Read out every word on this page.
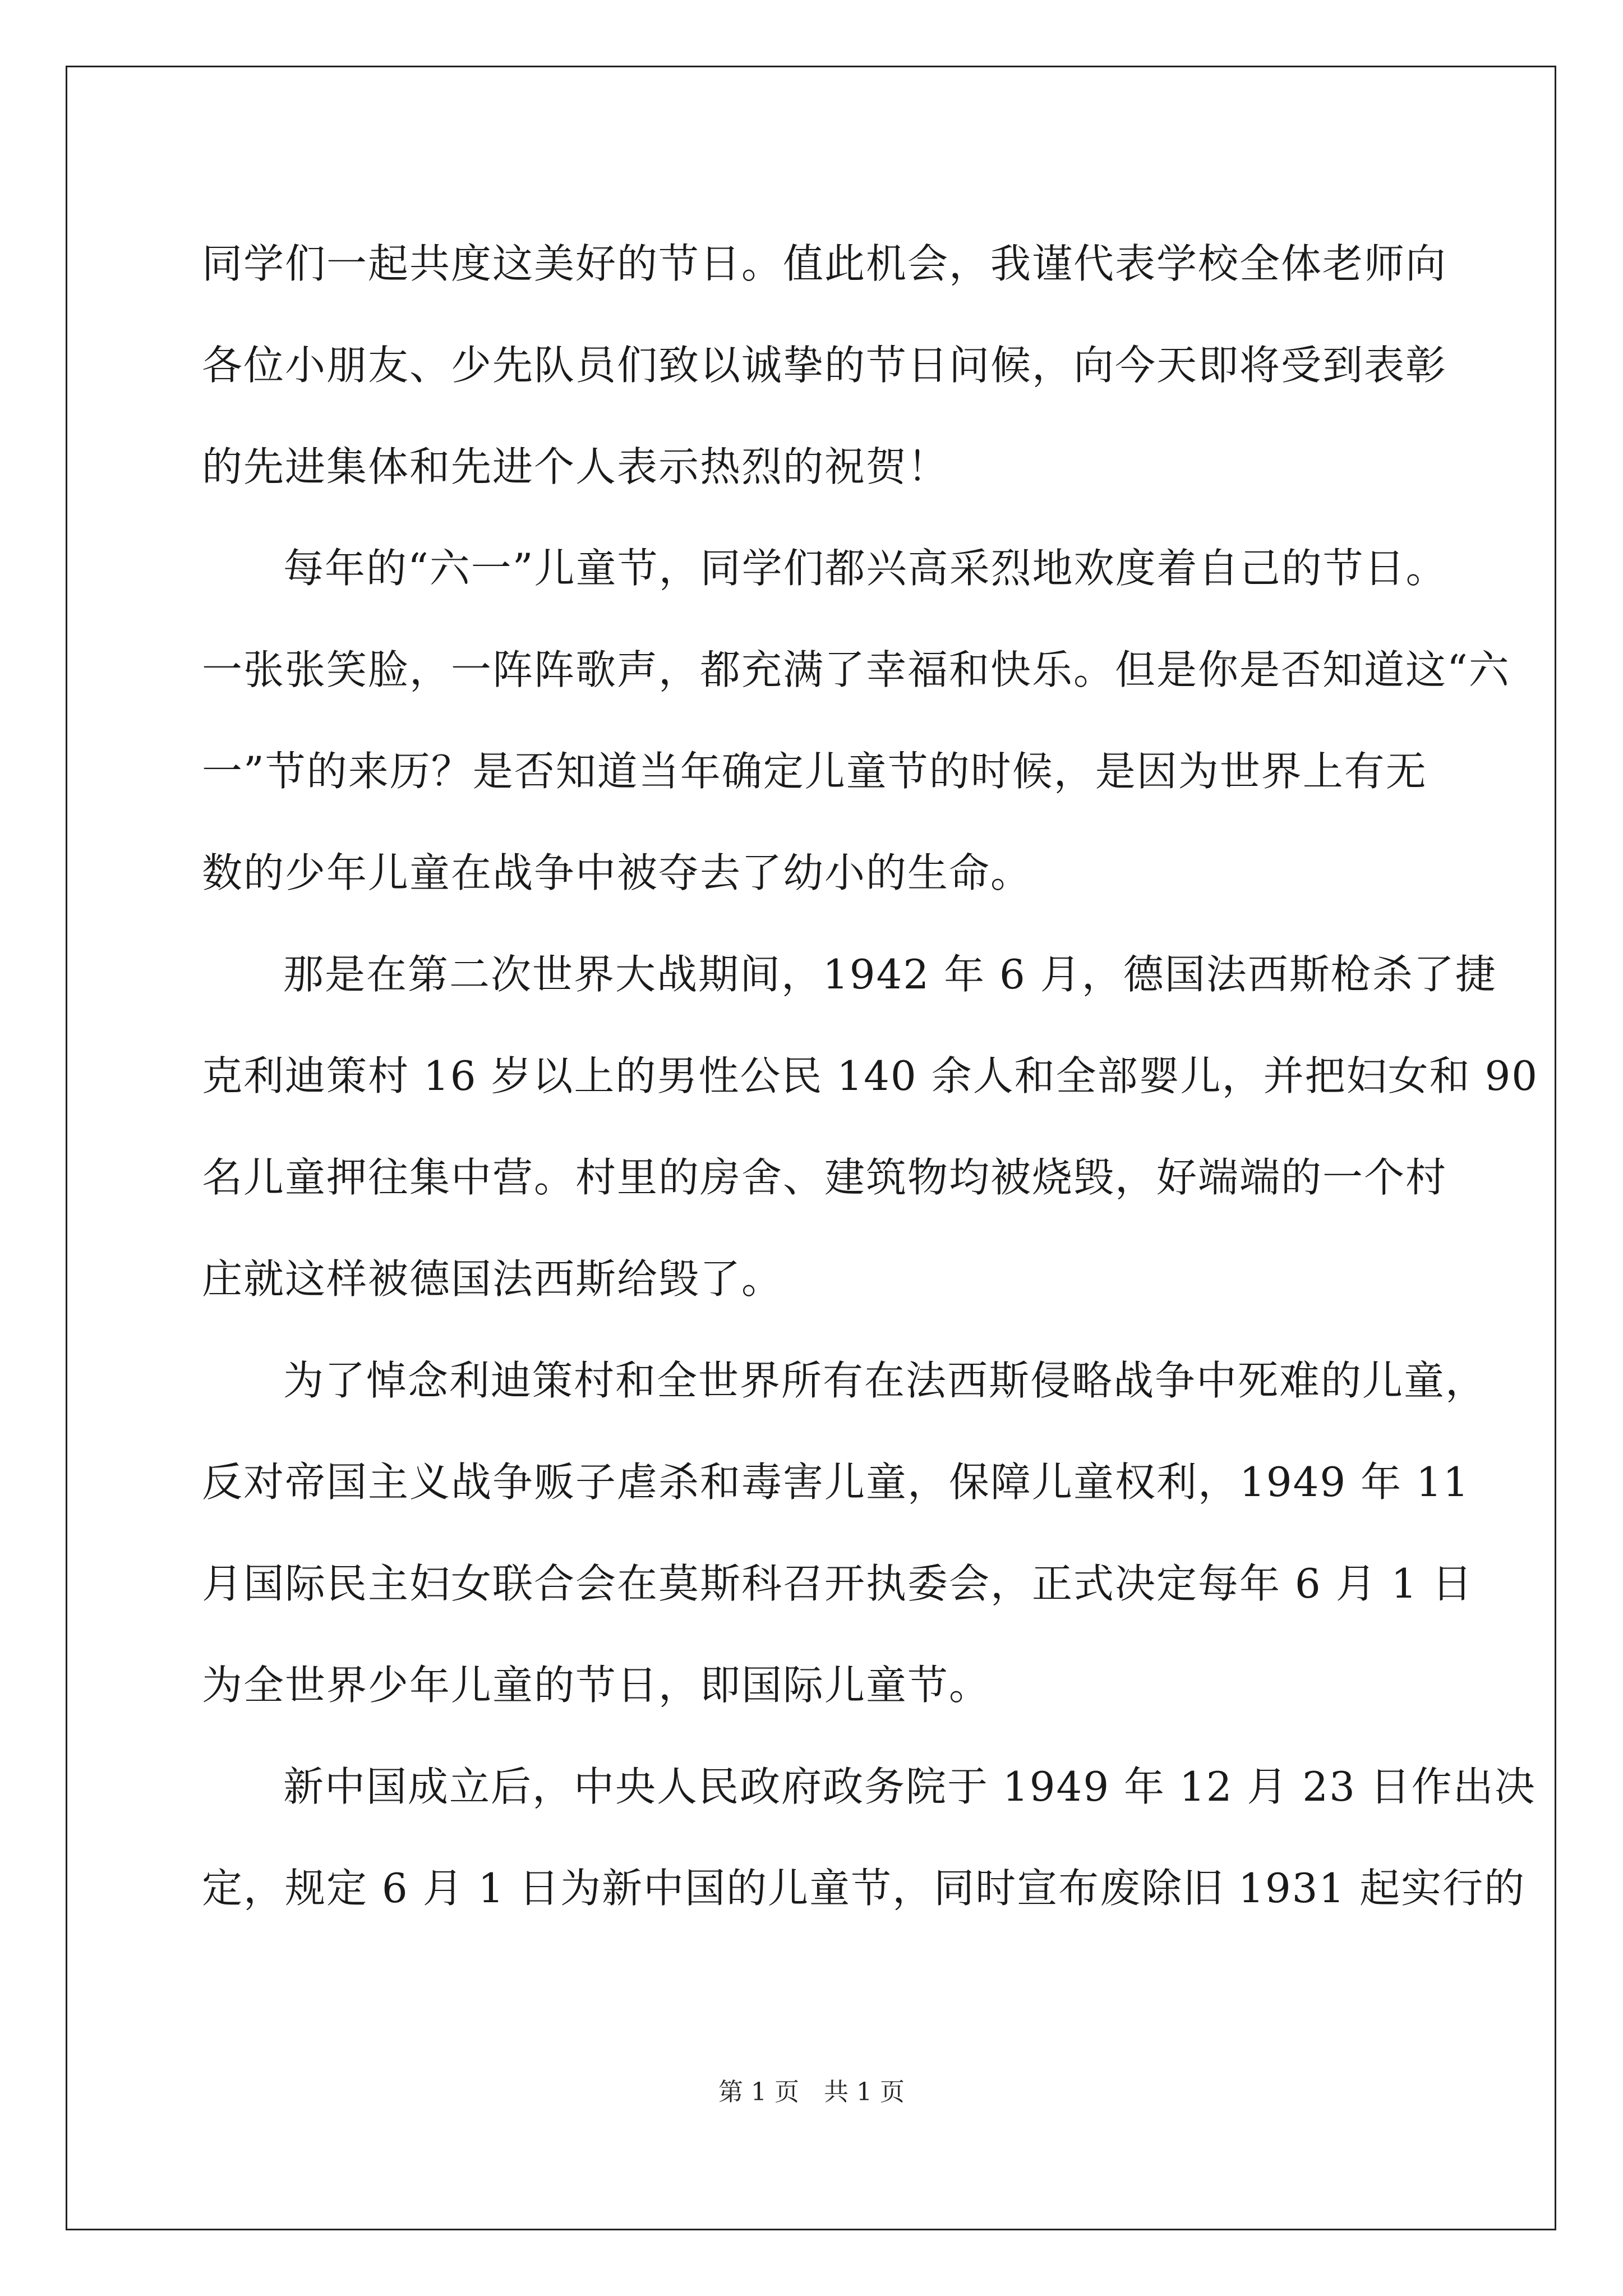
同学们一起共度这美好的节日。值此机会，我谨代表学校全体老师向
各位小朋友、少先队员们致以诚挚的节日问候，向今天即将受到表彰
的先进集体和先进个人表示热烈的祝贺！
每年的“六一”儿童节，同学们都兴高采烈地欢度着自己的节日。
一张张笑脸，一阵阵歌声，都充满了幸福和快乐。但是你是否知道这“六
一”节的来历？是否知道当年确定儿童节的时候，是因为世界上有无
数的少年儿童在战争中被夺去了幼小的生命。
那是在第二次世界大战期间，1942 年 6 月，德国法西斯枪杀了捷
克利迪策村 16 岁以上的男性公民 140 余人和全部婴儿，并把妇女和 90
名儿童押往集中营。村里的房舍、建筑物均被烧毁，好端端的一个村
庄就这样被德国法西斯给毁了。
为了悼念利迪策村和全世界所有在法西斯侵略战争中死难的儿童，
反对帝国主义战争贩子虐杀和毒害儿童，保障儿童权利，1949 年 11
月国际民主妇女联合会在莫斯科召开执委会，正式决定每年 6 月 1 日
为全世界少年儿童的节日，即国际儿童节。
新中国成立后，中央人民政府政务院于 1949 年 12 月 23 日作出决
定，规定 6 月 1 日为新中国的儿童节，同时宣布废除旧 1931 起实行的
第 1 页　共 1 页
